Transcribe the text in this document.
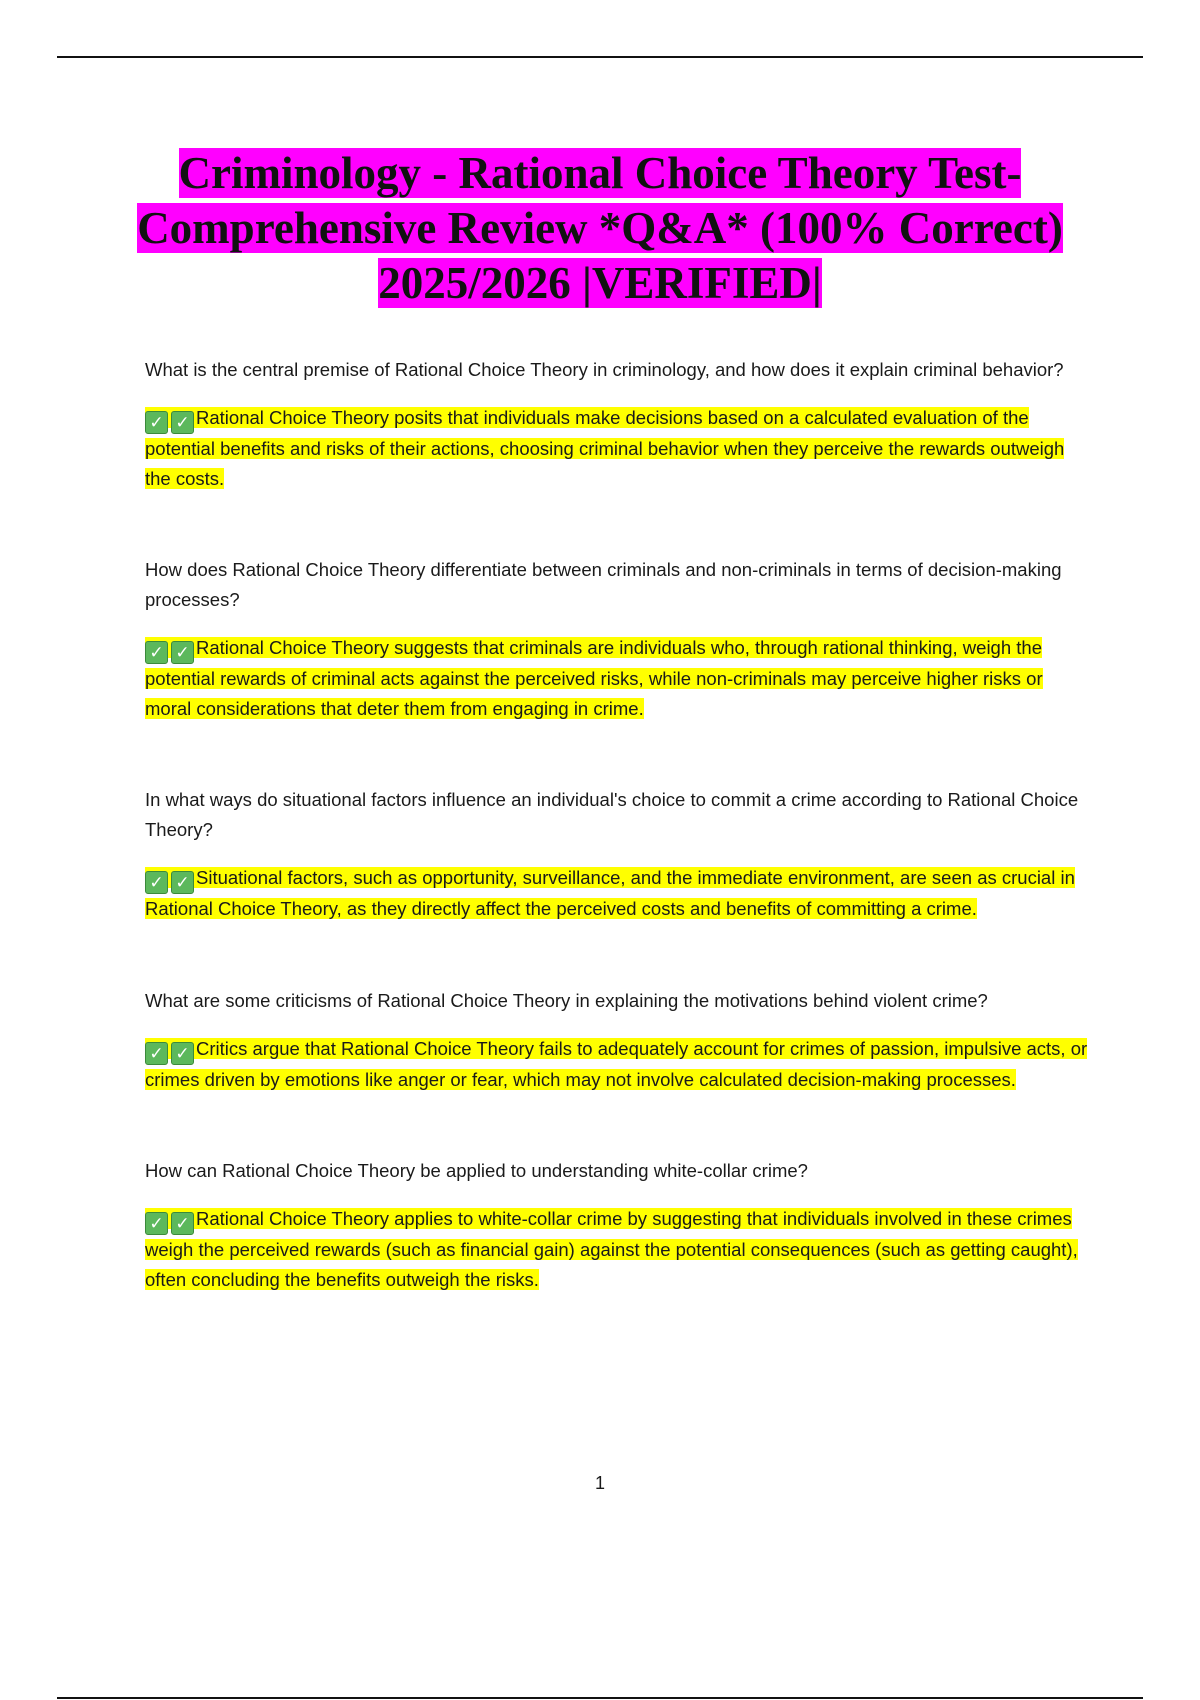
Criminology - Rational Choice Theory Test- Comprehensive Review *Q&A* (100% Correct) 2025/2026 |VERIFIED|

What is the central premise of Rational Choice Theory in criminology, and how does it explain criminal behavior?

✓ ✓ Rational Choice Theory posits that individuals make decisions based on a calculated evaluation of the potential benefits and risks of their actions, choosing criminal behavior when they perceive the rewards outweigh the costs.

How does Rational Choice Theory differentiate between criminals and non-criminals in terms of decision-making processes?

✓ ✓ Rational Choice Theory suggests that criminals are individuals who, through rational thinking, weigh the potential rewards of criminal acts against the perceived risks, while non-criminals may perceive higher risks or moral considerations that deter them from engaging in crime.

In what ways do situational factors influence an individual's choice to commit a crime according to Rational Choice Theory?

✓ ✓ Situational factors, such as opportunity, surveillance, and the immediate environment, are seen as crucial in Rational Choice Theory, as they directly affect the perceived costs and benefits of committing a crime.

What are some criticisms of Rational Choice Theory in explaining the motivations behind violent crime?

✓ ✓ Critics argue that Rational Choice Theory fails to adequately account for crimes of passion, impulsive acts, or crimes driven by emotions like anger or fear, which may not involve calculated decision-making processes.

How can Rational Choice Theory be applied to understanding white-collar crime?

✓ ✓ Rational Choice Theory applies to white-collar crime by suggesting that individuals involved in these crimes weigh the perceived rewards (such as financial gain) against the potential consequences (such as getting caught), often concluding the benefits outweigh the risks.

1
